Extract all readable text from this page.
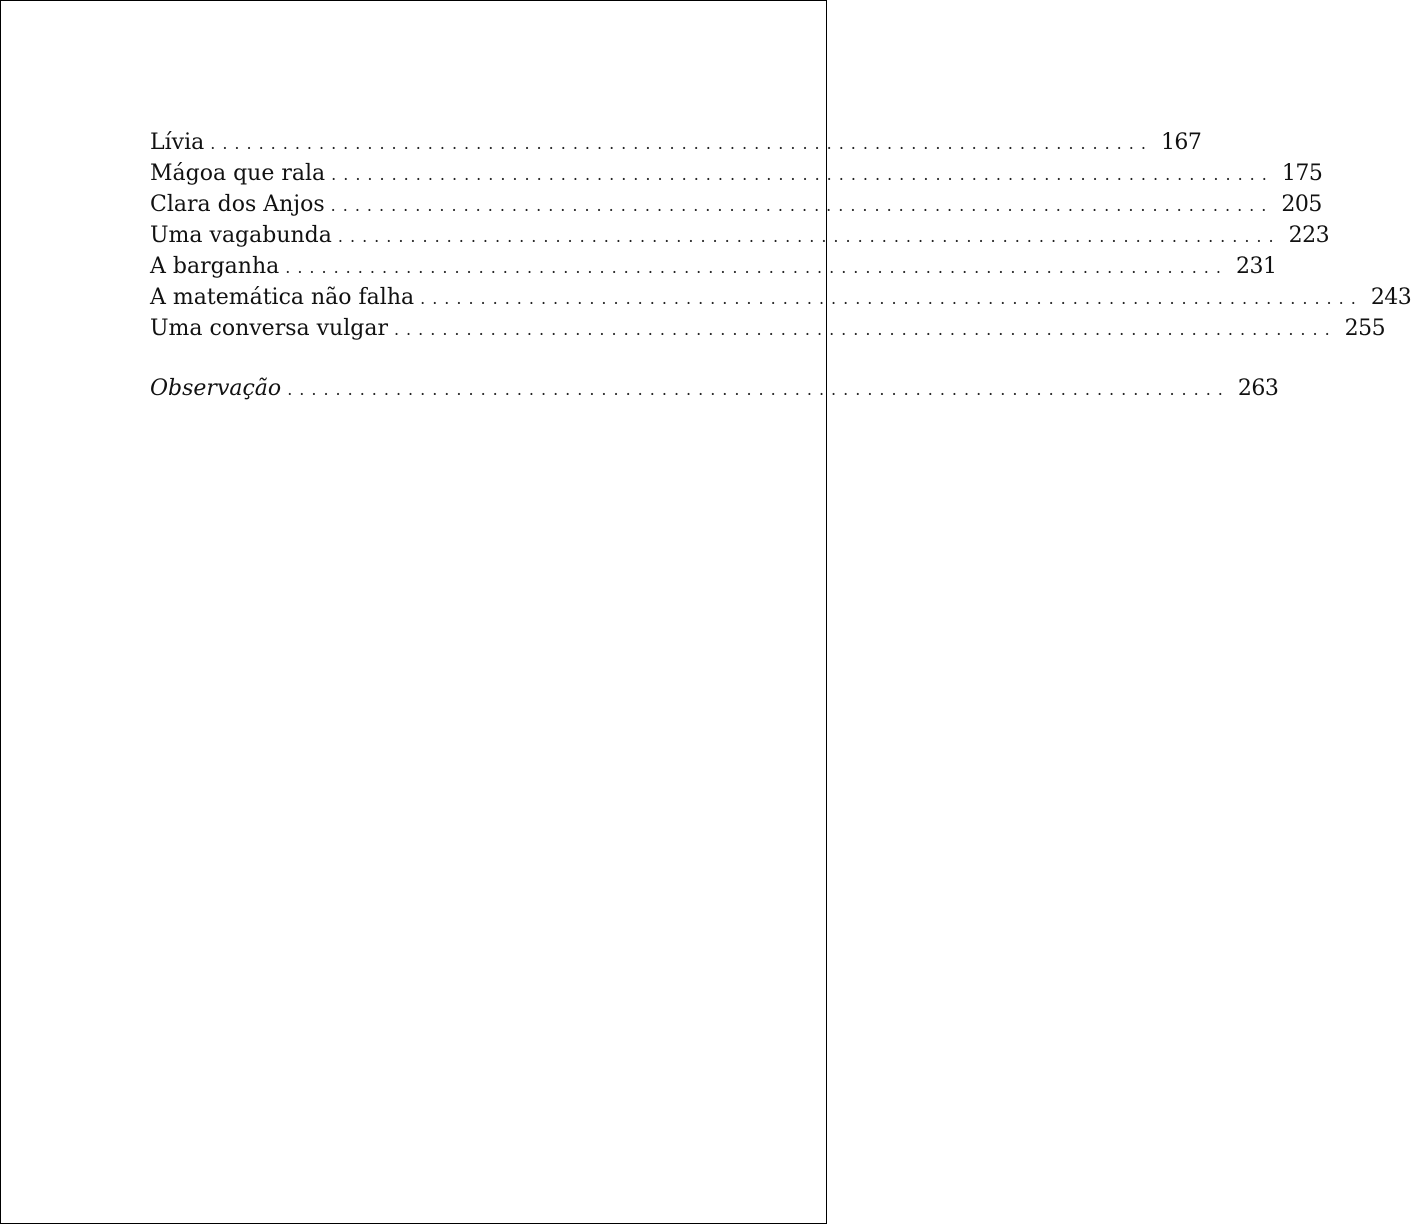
Lívia .............................................................................. 167
Mágoa que rala .............................................................................. 175
Clara dos Anjos .............................................................................. 205
Uma vagabunda .............................................................................. 223
A barganha .............................................................................. 231
A matemática não falha .............................................................................. 243
Uma conversa vulgar .............................................................................. 255
Observação .............................................................................. 263
